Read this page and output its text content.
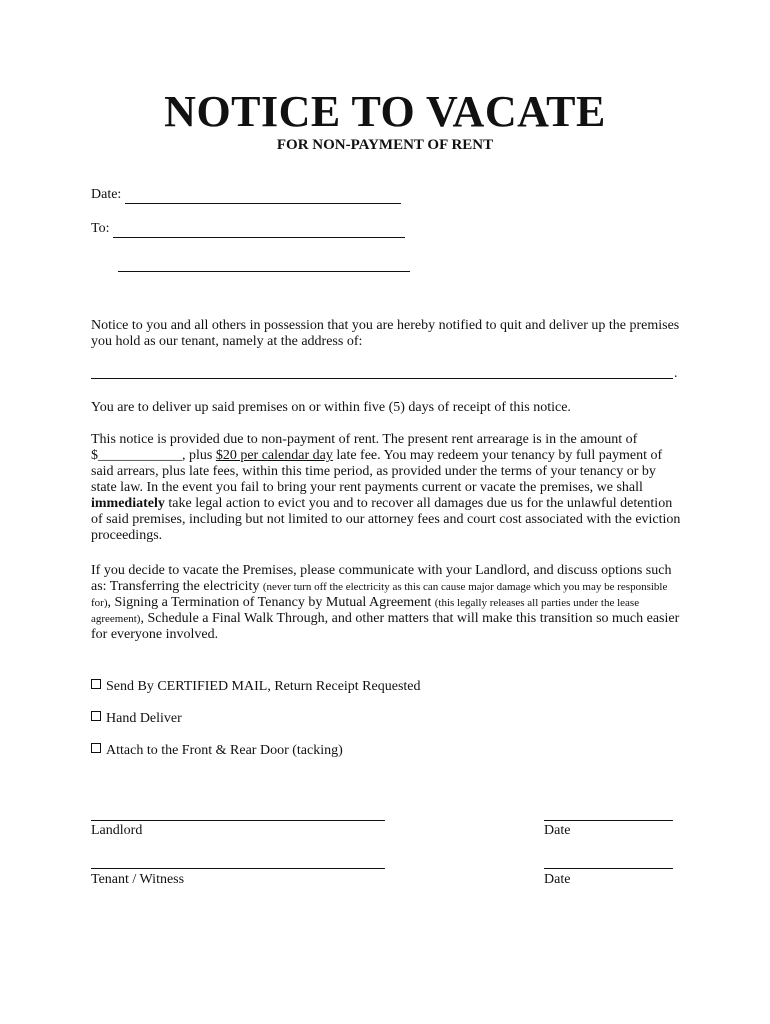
NOTICE TO VACATE
FOR NON-PAYMENT OF RENT
Date:
To:

Notice to you and all others in possession that you are hereby notified to quit and deliver up the premises you hold as our tenant, namely at the address of:

.

You are to deliver up said premises on or within five (5) days of receipt of this notice.

This notice is provided due to non-payment of rent. The present rent arrearage is in the amount of $____________, plus $20 per calendar day late fee. You may redeem your tenancy by full payment of said arrears, plus late fees, within this time period, as provided under the terms of your tenancy or by state law. In the event you fail to bring your rent payments current or vacate the premises, we shall immediately take legal action to evict you and to recover all damages due us for the unlawful detention of said premises, including but not limited to our attorney fees and court cost associated with the eviction proceedings.

If you decide to vacate the Premises, please communicate with your Landlord, and discuss options such as: Transferring the electricity (never turn off the electricity as this can cause major damage which you may be responsible for), Signing a Termination of Tenancy by Mutual Agreement (this legally releases all parties under the lease agreement), Schedule a Final Walk Through, and other matters that will make this transition so much easier for everyone involved.

Send By CERTIFIED MAIL, Return Receipt Requested
Hand Deliver
Attach to the Front & Rear Door (tacking)
Landlord	Date
Tenant / Witness	Date
